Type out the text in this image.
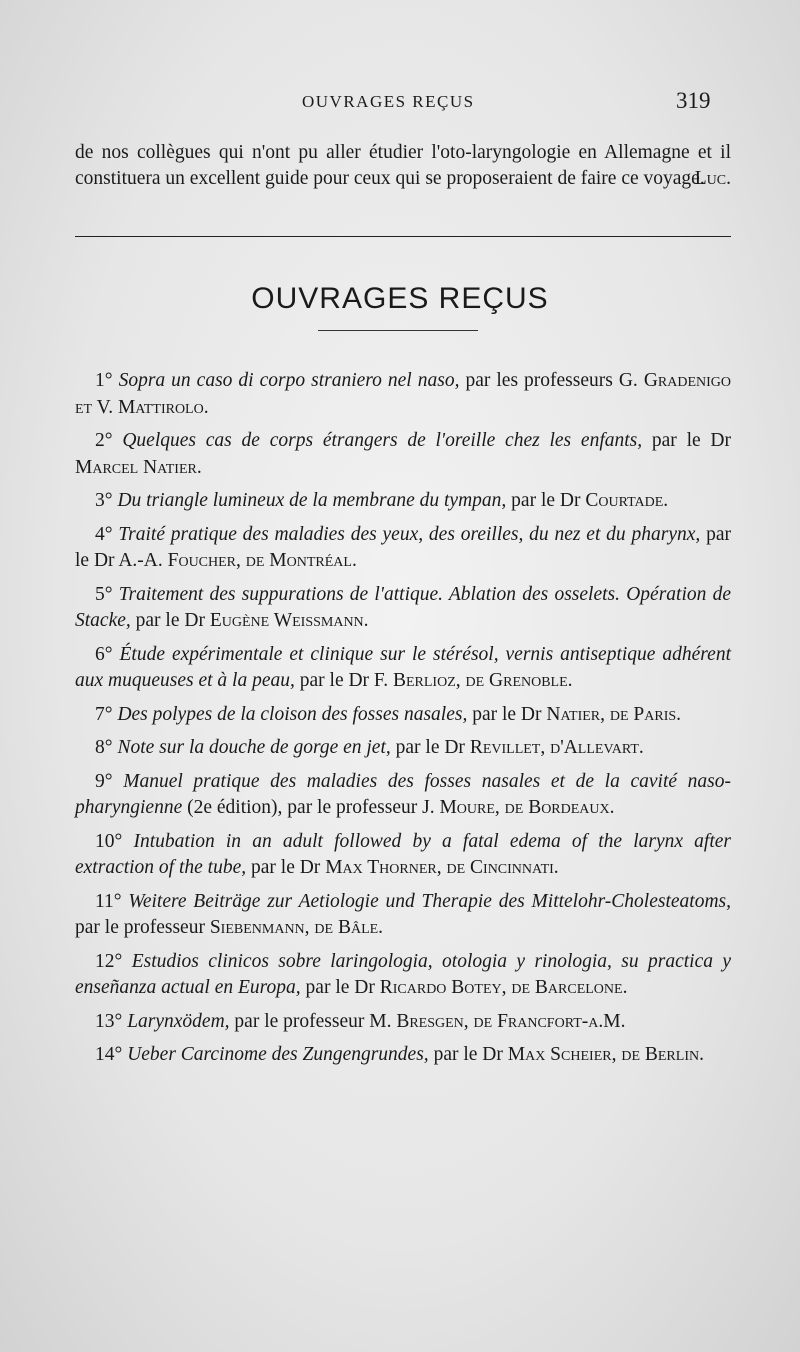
OUVRAGES REÇUS	319
de nos collègues qui n'ont pu aller étudier l'oto-laryngologie en Allemagne et il constituera un excellent guide pour ceux qui se proposeraient de faire ce voyage.
Luc.
OUVRAGES REÇUS

1° Sopra un caso di corpo straniero nel naso, par les professeurs G. Gradenigo et V. Mattirolo.

2° Quelques cas de corps étrangers de l'oreille chez les enfants, par le Dr Marcel Natier.

3° Du triangle lumineux de la membrane du tympan, par le Dr Courtade.

4° Traité pratique des maladies des yeux, des oreilles, du nez et du pharynx, par le Dr A.-A. Foucher, de Montréal.

5° Traitement des suppurations de l'attique. Ablation des osselets. Opération de Stacke, par le Dr Eugène Weissmann.

6° Étude expérimentale et clinique sur le stérésol, vernis antiseptique adhérent aux muqueuses et à la peau, par le Dr F. Berlioz, de Grenoble.

7° Des polypes de la cloison des fosses nasales, par le Dr Natier, de Paris.

8° Note sur la douche de gorge en jet, par le Dr Revillet, d'Allevart.

9° Manuel pratique des maladies des fosses nasales et de la cavité naso-pharyngienne (2e édition), par le professeur J. Moure, de Bordeaux.

10° Intubation in an adult followed by a fatal edema of the larynx after extraction of the tube, par le Dr Max Thorner, de Cincinnati.

11° Weitere Beiträge zur Aetiologie und Therapie des Mittelohr-Cholesteatoms, par le professeur Siebenmann, de Bâle.

12° Estudios clinicos sobre laringologia, otologia y rinologia, su practica y enseñanza actual en Europa, par le Dr Ricardo Botey, de Barcelone.

13° Larynxödem, par le professeur M. Bresgen, de Francfort-a.M.

14° Ueber Carcinome des Zungengrundes, par le Dr Max Scheier, de Berlin.
